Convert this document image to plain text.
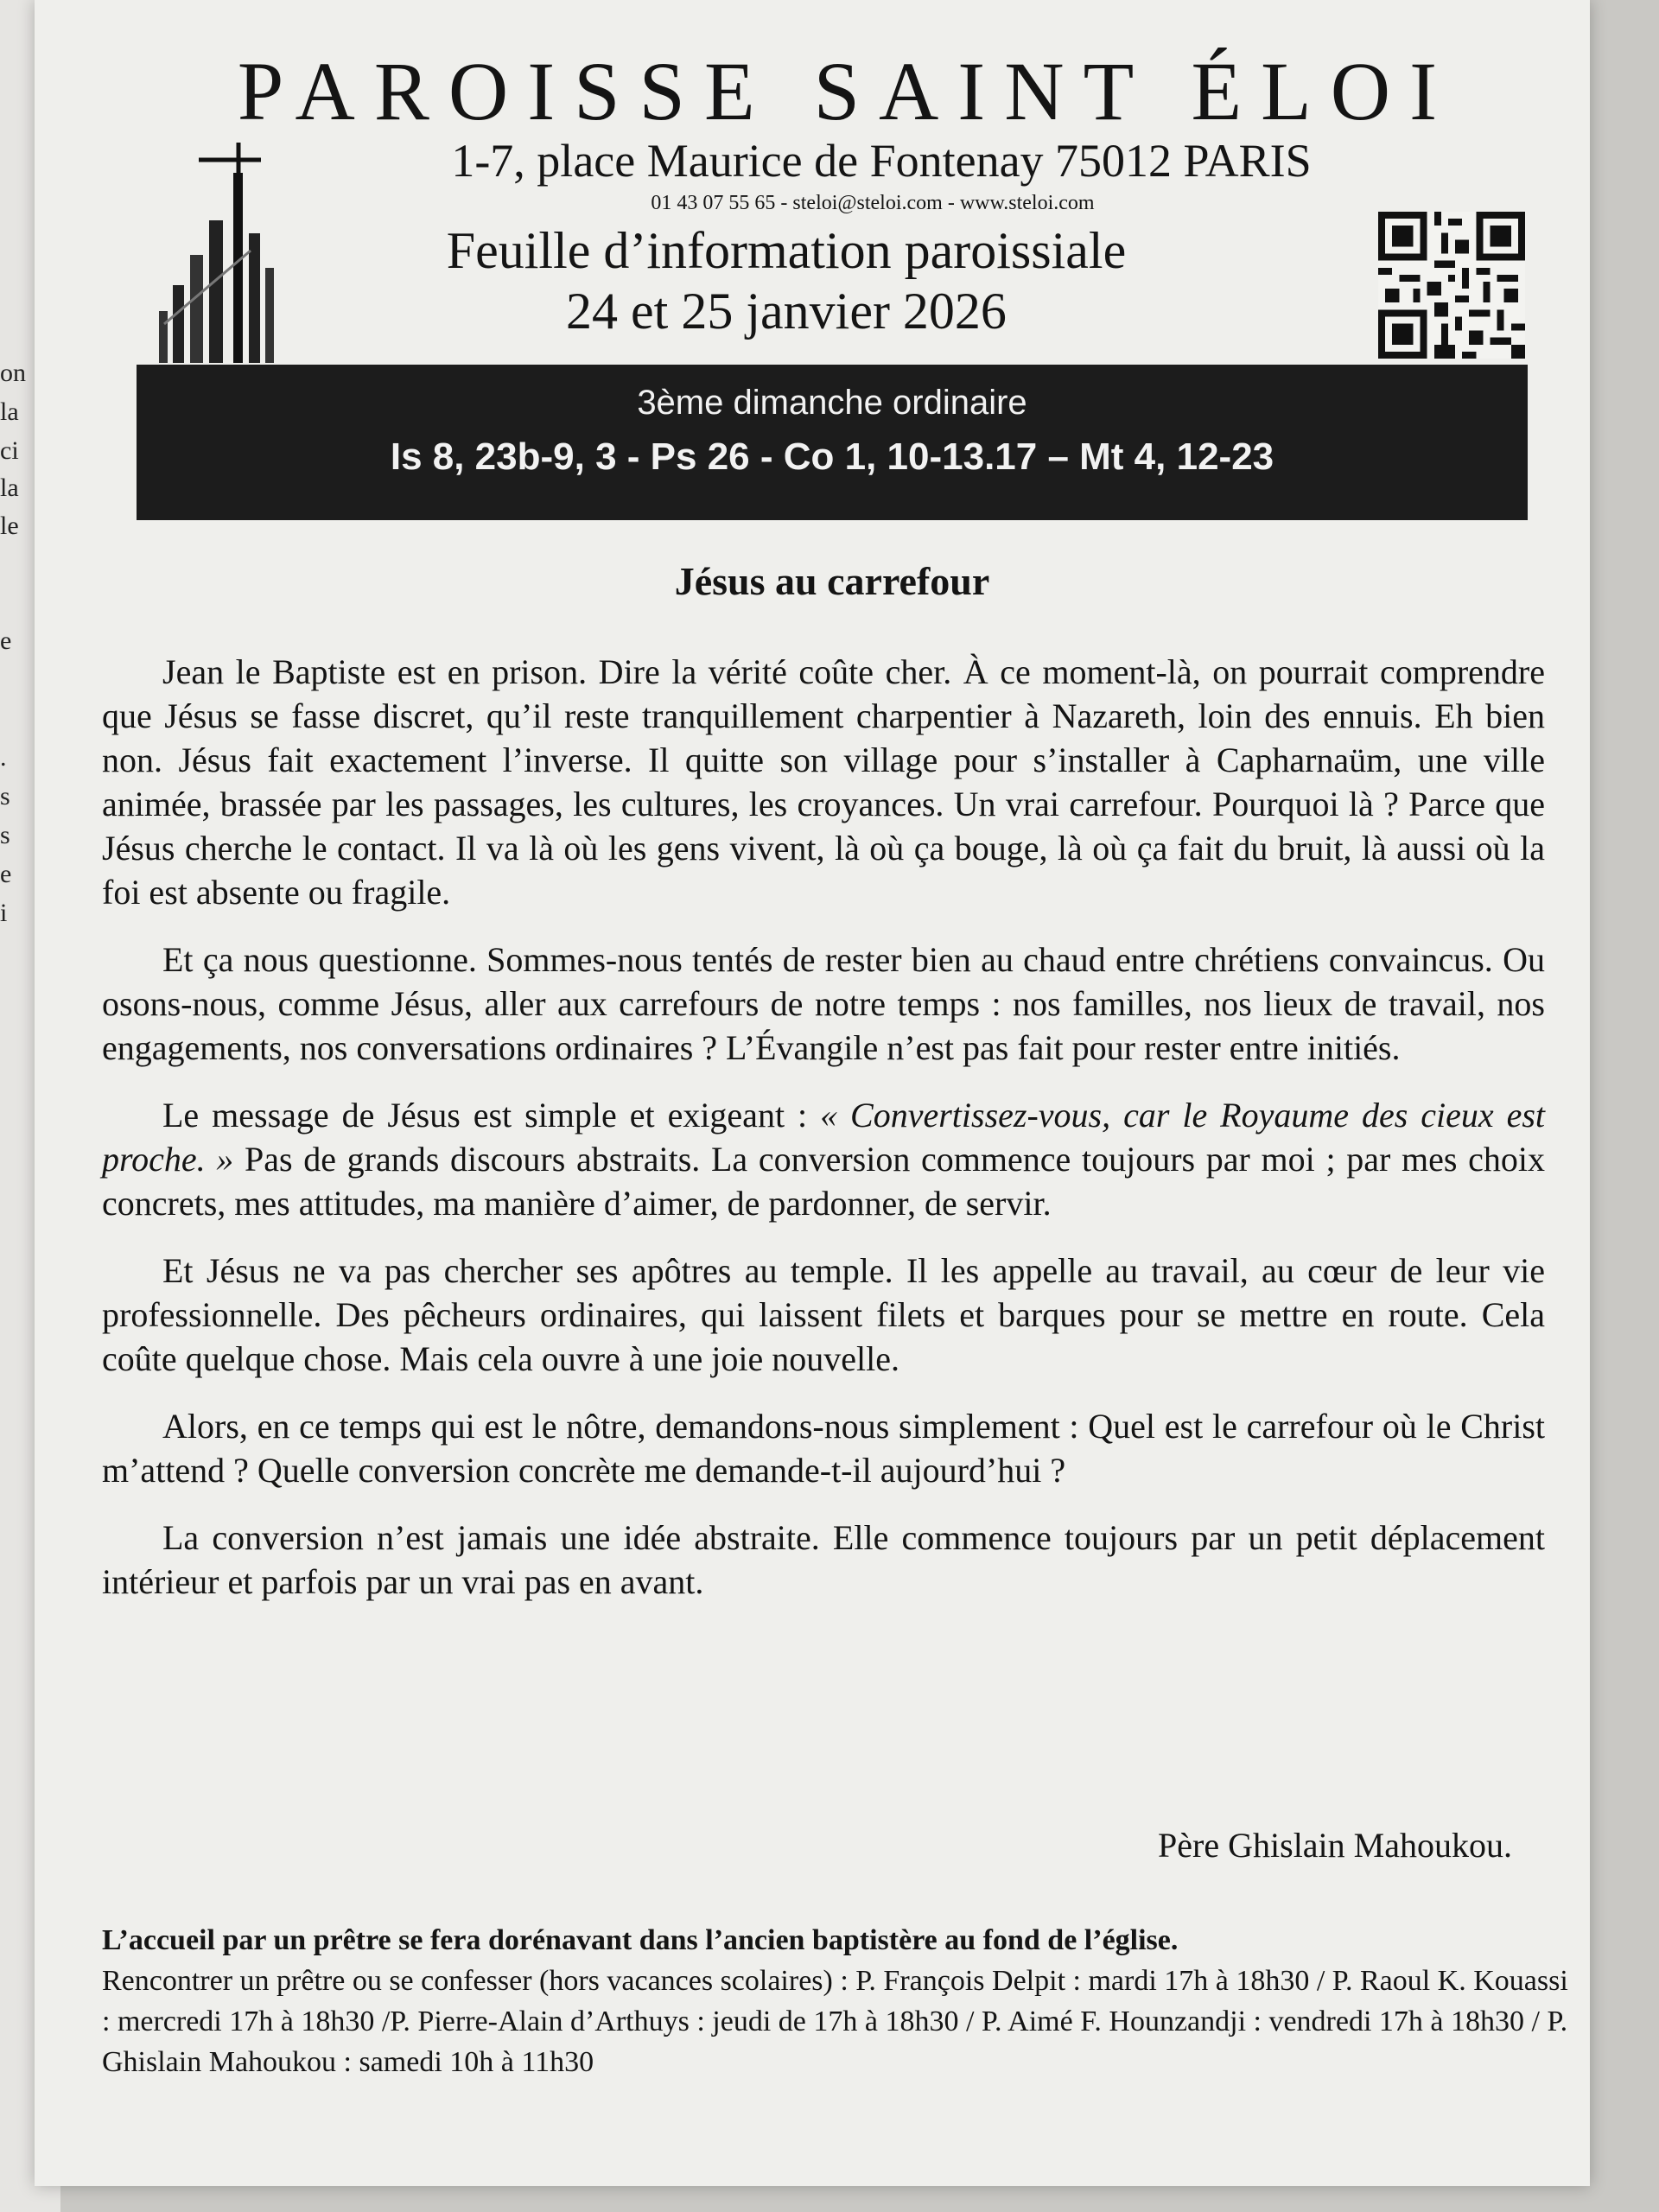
on
la
ci
la
le
e
.
s
s
e
i
PAROISSE SAINT ÉLOI
1-7, place Maurice de Fontenay 75012 PARIS
01 43 07 55 65 - steloi@steloi.com - www.steloi.com
Feuille d’information paroissiale
24 et 25 janvier 2026
3ème dimanche ordinaire
Is 8, 23b-9, 3 - Ps 26 - Co 1, 10-13.17 – Mt 4, 12-23
Jésus au carrefour

Jean le Baptiste est en prison. Dire la vérité coûte cher. À ce moment-là, on pourrait comprendre que Jésus se fasse discret, qu’il reste tranquillement charpentier à Nazareth, loin des ennuis. Eh bien non. Jésus fait exactement l’inverse. Il quitte son village pour s’installer à Capharnaüm, une ville animée, brassée par les passages, les cultures, les croyances. Un vrai carrefour. Pourquoi là ? Parce que Jésus cherche le contact. Il va là où les gens vivent, là où ça bouge, là où ça fait du bruit, là aussi où la foi est absente ou fragile.

Et ça nous questionne. Sommes-nous tentés de rester bien au chaud entre chrétiens convaincus. Ou osons-nous, comme Jésus, aller aux carrefours de notre temps : nos familles, nos lieux de travail, nos engagements, nos conversations ordinaires ? L’Évangile n’est pas fait pour rester entre initiés.

Le message de Jésus est simple et exigeant : « Convertissez-vous, car le Royaume des cieux est proche. » Pas de grands discours abstraits. La conversion commence toujours par moi ; par mes choix concrets, mes attitudes, ma manière d’aimer, de pardonner, de servir.

Et Jésus ne va pas chercher ses apôtres au temple. Il les appelle au travail, au cœur de leur vie professionnelle. Des pêcheurs ordinaires, qui laissent filets et barques pour se mettre en route. Cela coûte quelque chose. Mais cela ouvre à une joie nouvelle.

Alors, en ce temps qui est le nôtre, demandons-nous simplement : Quel est le carrefour où le Christ m’attend ? Quelle conversion concrète me demande-t-il aujourd’hui ?

La conversion n’est jamais une idée abstraite. Elle commence toujours par un petit déplacement intérieur et parfois par un vrai pas en avant.

Père Ghislain Mahoukou.
L’accueil par un prêtre se fera dorénavant dans l’ancien baptistère au fond de l’église.
Rencontrer un prêtre ou se confesser (hors vacances scolaires) : P. François Delpit : mardi 17h à 18h30 / P. Raoul K. Kouassi : mercredi 17h à 18h30 /P. Pierre-Alain d’Arthuys : jeudi de 17h à 18h30 / P. Aimé F. Hounzandji : vendredi 17h à 18h30 / P. Ghislain Mahoukou : samedi 10h à 11h30
